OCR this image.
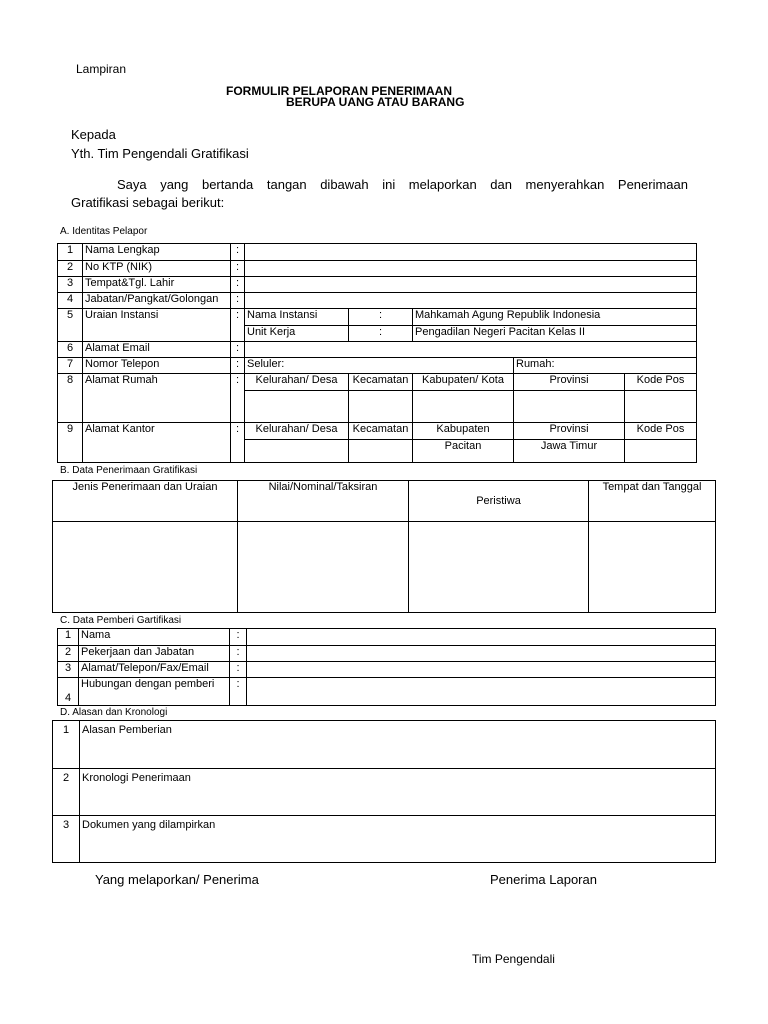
Lampiran
FORMULIR PELAPORAN PENERIMAAN
BERUPA UANG ATAU BARANG
Kepada
Yth. Tim Pengendali Gratifikasi
Saya yang bertanda tangan dibawah ini melaporkan dan menyerahkan Penerimaan
Gratifikasi sebagai berikut:
A. Identitas Pelapor
1	Nama Lengkap	:					
2	No KTP (NIK)	:					
3	Tempat&Tgl. Lahir	:					
4	Jabatan/Pangkat/Golongan	:					
5	Uraian Instansi	:	Nama Instansi	:	Mahkamah Agung Republik Indonesia		
			Unit Kerja	:	Pengadilan Negeri Pacitan Kelas II		
6	Alamat Email	:					
7	Nomor Telepon	:	Seluler:			Rumah:	
8	Alamat Rumah	:	Kelurahan/ Desa	Kecamatan	Kabupaten/ Kota	Provinsi	Kode Pos

9	Alamat Kantor	:	Kelurahan/ Desa	Kecamatan	Kabupaten	Provinsi	Kode Pos
					Pacitan	Jawa Timur	
B. Data Penerimaan Gratifikasi
Jenis Penerimaan dan Uraian	Nilai/Nominal/Taksiran	Peristiwa	Tempat dan Tanggal

C. Data Pemberi Gartifikasi
1	Nama	:	
2	Pekerjaan dan Jabatan	:	
3	Alamat/Telepon/Fax/Email	:	
4	Hubungan dengan pemberi	:	
D. Alasan dan Kronologi
1	Alasan Pemberian
2	Kronologi Penerimaan
3	Dokumen yang dilampirkan
Yang melaporkan/ Penerima	Penerima Laporan
Tim Pengendali
